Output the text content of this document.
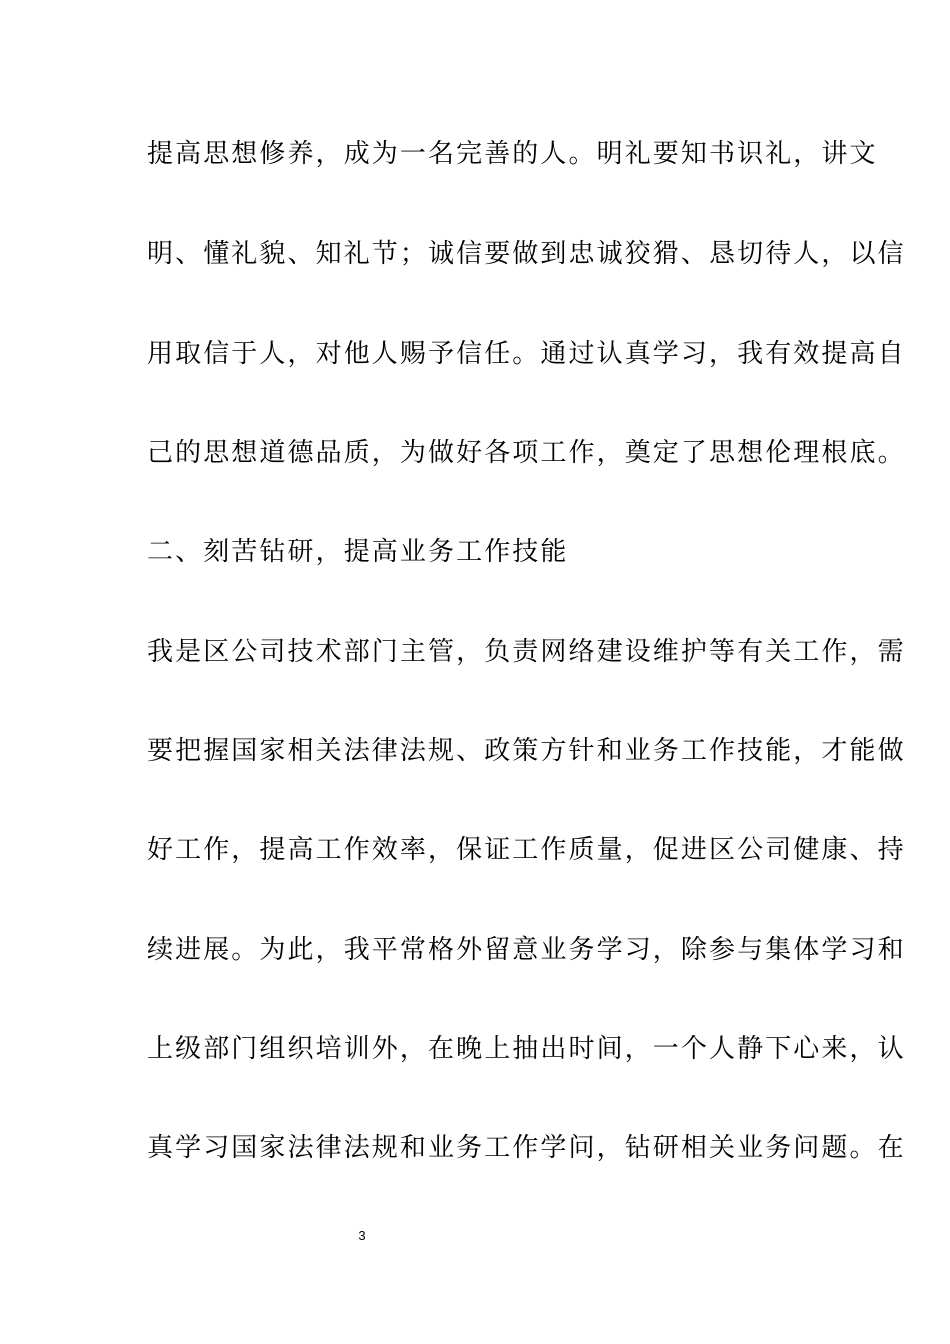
提高思想修养，成为一名完善的人。明礼要知书识礼，讲文
明、懂礼貌、知礼节；诚信要做到忠诚狡猾、恳切待人，以信
用取信于人，对他人赐予信任。通过认真学习，我有效提高自
己的思想道德品质，为做好各项工作，奠定了思想伦理根底。
二、刻苦钻研，提高业务工作技能
我是区公司技术部门主管，负责网络建设维护等有关工作，需
要把握国家相关法律法规、政策方针和业务工作技能，才能做
好工作，提高工作效率，保证工作质量，促进区公司健康、持
续进展。为此，我平常格外留意业务学习，除参与集体学习和
上级部门组织培训外，在晚上抽出时间，一个人静下心来，认
真学习国家法律法规和业务工作学问，钻研相关业务问题。在
3
